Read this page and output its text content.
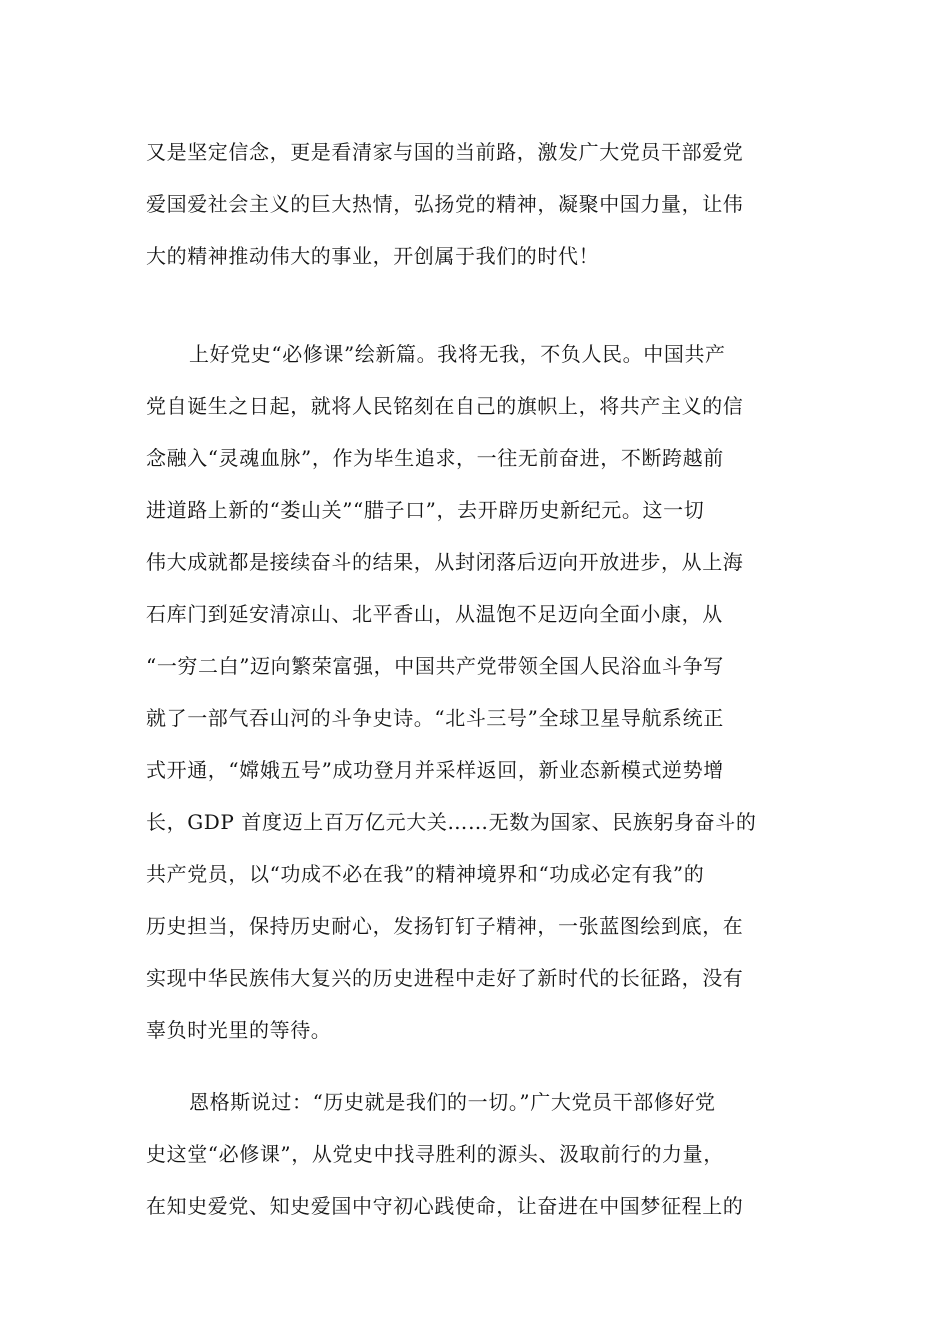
又是坚定信念，更是看清家与国的当前路，激发广大党员干部爱党
爱国爱社会主义的巨大热情，弘扬党的精神，凝聚中国力量，让伟
大的精神推动伟大的事业，开创属于我们的时代！
上好党史“必修课”绘新篇。我将无我，不负人民。中国共产
党自诞生之日起，就将人民铭刻在自己的旗帜上，将共产主义的信
念融入“灵魂血脉”，作为毕生追求，一往无前奋进，不断跨越前
进道路上新的“娄山关”“腊子口”，去开辟历史新纪元。这一切
伟大成就都是接续奋斗的结果，从封闭落后迈向开放进步，从上海
石库门到延安清凉山、北平香山，从温饱不足迈向全面小康，从
“一穷二白”迈向繁荣富强，中国共产党带领全国人民浴血斗争写
就了一部气吞山河的斗争史诗。“北斗三号”全球卫星导航系统正
式开通，“嫦娥五号”成功登月并采样返回，新业态新模式逆势增
长，GDP 首度迈上百万亿元大关……无数为国家、民族躬身奋斗的
共产党员，以“功成不必在我”的精神境界和“功成必定有我”的
历史担当，保持历史耐心，发扬钉钉子精神，一张蓝图绘到底，在
实现中华民族伟大复兴的历史进程中走好了新时代的长征路，没有
辜负时光里的等待。
恩格斯说过：“历史就是我们的一切。”广大党员干部修好党
史这堂“必修课”，从党史中找寻胜利的源头、汲取前行的力量，
在知史爱党、知史爱国中守初心践使命，让奋进在中国梦征程上的
